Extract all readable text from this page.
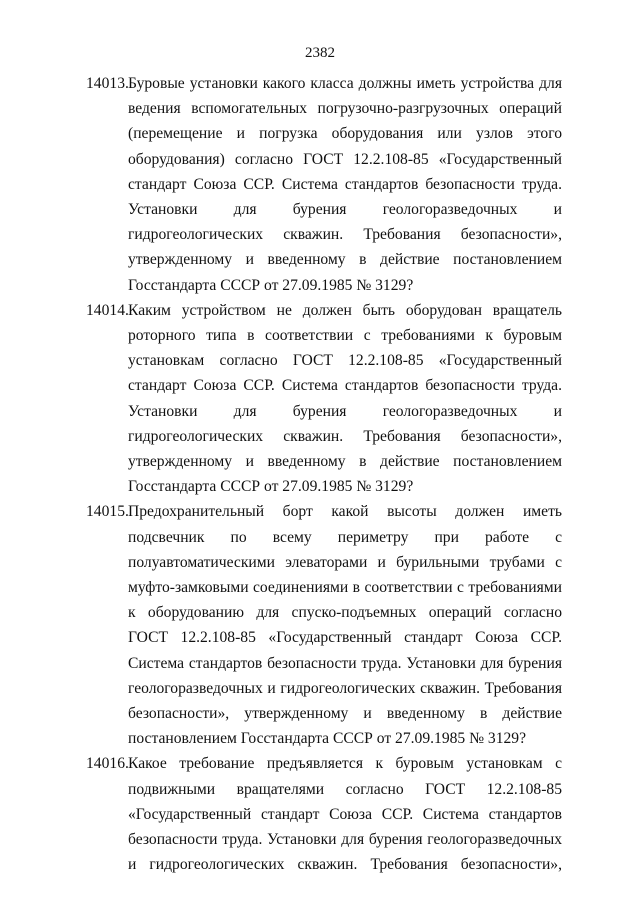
2382
14013. Буровые установки какого класса должны иметь устройства для ведения вспомогательных погрузочно-разгрузочных операций (перемещение и погрузка оборудования или узлов этого оборудования) согласно ГОСТ 12.2.108-85 «Государственный стандарт Союза ССР. Система стандартов безопасности труда. Установки для бурения геологоразведочных и гидрогеологических скважин. Требования безопасности», утвержденному и введенному в действие постановлением Госстандарта СССР от 27.09.1985 № 3129?
14014. Каким устройством не должен быть оборудован вращатель роторного типа в соответствии с требованиями к буровым установкам согласно ГОСТ 12.2.108-85 «Государственный стандарт Союза ССР. Система стандартов безопасности труда. Установки для бурения геологоразведочных и гидрогеологических скважин. Требования безопасности», утвержденному и введенному в действие постановлением Госстандарта СССР от 27.09.1985 № 3129?
14015. Предохранительный борт какой высоты должен иметь подсвечник по всему периметру при работе с полуавтоматическими элеваторами и бурильными трубами с муфто-замковыми соединениями в соответствии с требованиями к оборудованию для спуско-подъемных операций согласно ГОСТ 12.2.108-85 «Государственный стандарт Союза ССР. Система стандартов безопасности труда. Установки для бурения геологоразведочных и гидрогеологических скважин. Требования безопасности», утвержденному и введенному в действие постановлением Госстандарта СССР от 27.09.1985 № 3129?
14016. Какое требование предъявляется к буровым установкам с подвижными вращателями согласно ГОСТ 12.2.108-85 «Государственный стандарт Союза ССР. Система стандартов безопасности труда. Установки для бурения геологоразведочных и гидрогеологических скважин. Требования безопасности»,
